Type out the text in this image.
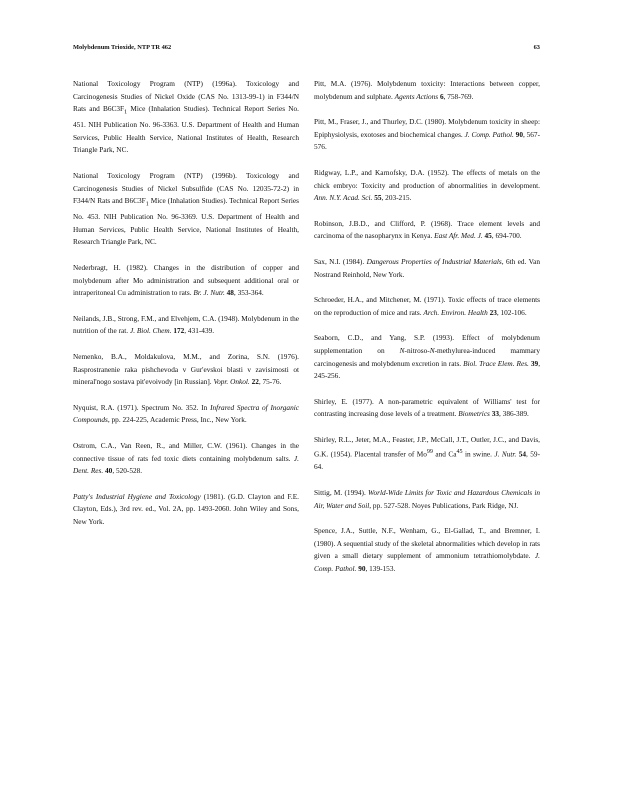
Molybdenum Trioxide, NTP TR 462	63

National Toxicology Program (NTP) (1996a). Toxicology and Carcinogenesis Studies of Nickel Oxide (CAS No. 1313-99-1) in F344/N Rats and $B6C3F_1$ Mice (Inhalation Studies). Technical Report Series No. 451. NIH Publication No. 96-3363. U.S. Department of Health and Human Services, Public Health Service, National Institutes of Health, Research Triangle Park, NC.

National Toxicology Program (NTP) (1996b). Toxicology and Carcinogenesis Studies of Nickel Subsulfide (CAS No. 12035-72-2) in F344/N Rats and $B6C3F_1$ Mice (Inhalation Studies). Technical Report Series No. 453. NIH Publication No. 96-3369. U.S. Department of Health and Human Services, Public Health Service, National Institutes of Health, Research Triangle Park, NC.

Nederbragt, H. (1982). Changes in the distribution of copper and molybdenum after Mo administration and subsequent additional oral or intraperitoneal Cu administration to rats. Br. J. Nutr. 48, 353-364.

Neilands, J.B., Strong, F.M., and Elvehjem, C.A. (1948). Molybdenum in the nutrition of the rat. J. Biol. Chem. 172, 431-439.

Nemenko, B.A., Moldakulova, M.M., and Zorina, S.N. (1976). Rasprostranenie raka pishchevoda v Gur'evskoi blasti v zavisimosti ot mineral'nogo sostava pit'evoivody [in Russian]. Vopr. Onkol. 22, 75-76.

Nyquist, R.A. (1971). Spectrum No. 352. In Infrared Spectra of Inorganic Compounds, pp. 224-225, Academic Press, Inc., New York.

Ostrom, C.A., Van Reen, R., and Miller, C.W. (1961). Changes in the connective tissue of rats fed toxic diets containing molybdenum salts. J. Dent. Res. 40, 520-528.

Patty's Industrial Hygiene and Toxicology (1981). (G.D. Clayton and F.E. Clayton, Eds.), 3rd rev. ed., Vol. 2A, pp. 1493-2060. John Wiley and Sons, New York.

Pitt, M.A. (1976). Molybdenum toxicity: Interactions between copper, molybdenum and sulphate. Agents Actions 6, 758-769.

Pitt, M., Fraser, J., and Thurley, D.C. (1980). Molybdenum toxicity in sheep: Epiphysiolysis, exotoses and biochemical changes. J. Comp. Pathol. 90, 567-576.

Ridgway, L.P., and Karnofsky, D.A. (1952). The effects of metals on the chick embryo: Toxicity and production of abnormalities in development. Ann. N.Y. Acad. Sci. 55, 203-215.

Robinson, J.B.D., and Clifford, P. (1968). Trace element levels and carcinoma of the nasopharynx in Kenya. East Afr. Med. J. 45, 694-700.

Sax, N.I. (1984). Dangerous Properties of Industrial Materials, 6th ed. Van Nostrand Reinhold, New York.

Schroeder, H.A., and Mitchener, M. (1971). Toxic effects of trace elements on the reproduction of mice and rats. Arch. Environ. Health 23, 102-106.

Seaborn, C.D., and Yang, S.P. (1993). Effect of molybdenum supplementation on N-nitroso-N-methylurea-induced mammary carcinogenesis and molybdenum excretion in rats. Biol. Trace Elem. Res. 39, 245-256.

Shirley, E. (1977). A non-parametric equivalent of Williams' test for contrasting increasing dose levels of a treatment. Biometrics 33, 386-389.

Shirley, R.L., Jeter, M.A., Feaster, J.P., McCall, J.T., Outler, J.C., and Davis, G.K. (1954). Placental transfer of Mo$^{99}$ and Ca$^{45}$ in swine. J. Nutr. 54, 59-64.

Sittig, M. (1994). World-Wide Limits for Toxic and Hazardous Chemicals in Air, Water and Soil, pp. 527-528. Noyes Publications, Park Ridge, NJ.

Spence, J.A., Suttle, N.F., Wenham, G., El-Gallad, T., and Bremner, I. (1980). A sequential study of the skeletal abnormalities which develop in rats given a small dietary supplement of ammonium tetrathiomolybdate. J. Comp. Pathol. 90, 139-153.
